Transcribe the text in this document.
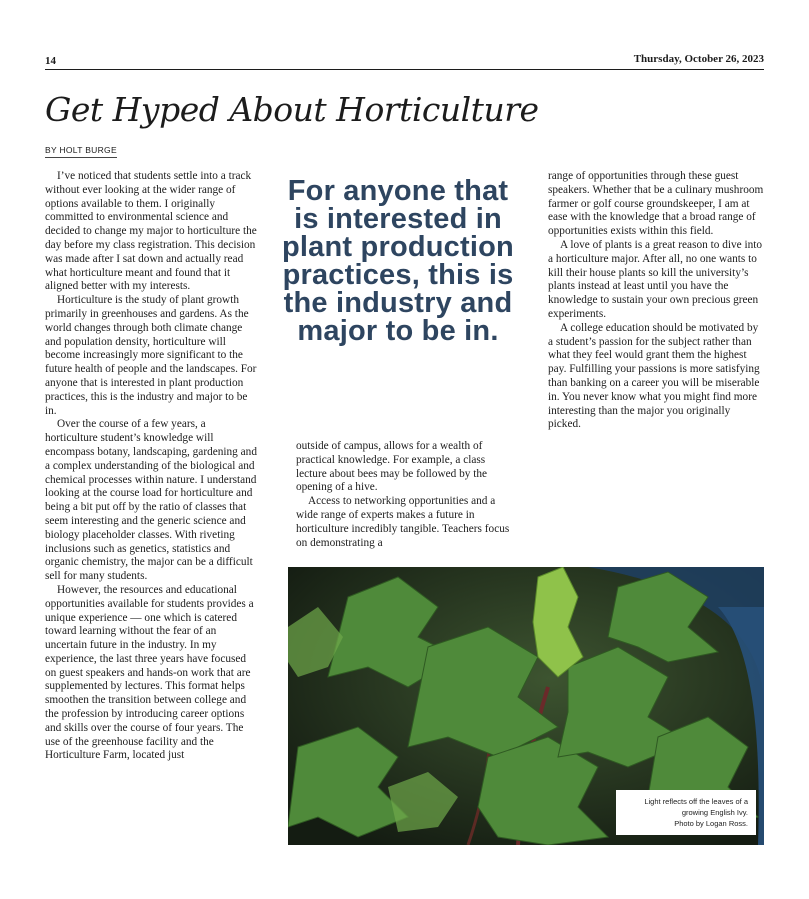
14	Thursday, October 26, 2023
Get Hyped About Horticulture
BY HOLT BURGE

I’ve noticed that students settle into a track without ever looking at the wider range of options available to them. I originally committed to environmental science and decided to change my major to horticulture the day before my class registration. This decision was made after I sat down and actually read what horticulture meant and found that it aligned better with my interests.

Horticulture is the study of plant growth primarily in greenhouses and gardens. As the world changes through both climate change and population density, horticulture will become increasingly more significant to the future health of people and the landscapes. For anyone that is interested in plant production practices, this is the industry and major to be in.

Over the course of a few years, a horticulture student’s knowledge will encompass botany, landscaping, gardening and a complex understanding of the biological and chemical processes within nature. I understand looking at the course load for horticulture and being a bit put off by the ratio of classes that seem interesting and the generic science and biology placeholder classes. With riveting inclusions such as genetics, statistics and organic chemistry, the major can be a difficult sell for many students.

However, the resources and educational opportunities available for students provides a unique experience — one which is catered toward learning without the fear of an uncertain future in the industry. In my experience, the last three years have focused on guest speakers and hands-on work that are supplemented by lectures. This format helps smoothen the transition between college and the profession by introducing career options and skills over the course of four years. The use of the greenhouse facility and the Horticulture Farm, located just

For anyone that is interested in plant production practices, this is the industry and major to be in.

outside of campus, allows for a wealth of practical knowledge. For example, a class lecture about bees may be followed by the opening of a hive.

Access to networking opportunities and a wide range of experts makes a future in horticulture incredibly tangible. Teachers focus on demonstrating a

range of opportunities through these guest speakers. Whether that be a culinary mushroom farmer or golf course groundskeeper, I am at ease with the knowledge that a broad range of opportunities exists within this field.

A love of plants is a great reason to dive into a horticulture major. After all, no one wants to kill their house plants so kill the university’s plants instead at least until you have the knowledge to sustain your own precious green experiments.

A college education should be motivated by a student’s passion for the subject rather than what they feel would grant them the highest pay. Fulfilling your passions is more satisfying than banking on a career you will be miserable in. You never know what you might find more interesting than the major you originally picked.

Light reflects off the leaves of a growing English Ivy.
Photo by Logan Ross.
